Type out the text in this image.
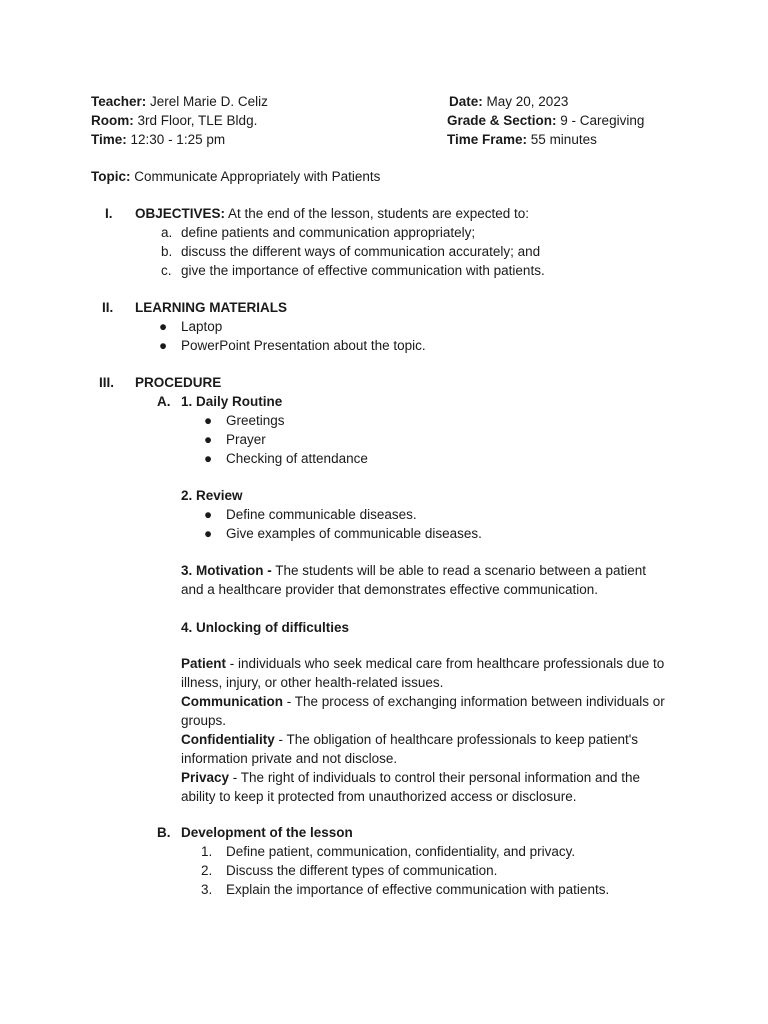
Teacher: Jerel Marie D. Celiz
Room: 3rd Floor, TLE Bldg.
Time: 12:30 - 1:25 pm
Date: May 20, 2023
Grade & Section: 9 - Caregiving
Time Frame: 55 minutes
Topic: Communicate Appropriately with Patients
I. OBJECTIVES: At the end of the lesson, students are expected to:
a. define patients and communication appropriately;
b. discuss the different ways of communication accurately; and
c. give the importance of effective communication with patients.
II. LEARNING MATERIALS
● Laptop
● PowerPoint Presentation about the topic.
III. PROCEDURE
A. 1. Daily Routine
● Greetings
● Prayer
● Checking of attendance
2. Review
● Define communicable diseases.
● Give examples of communicable diseases.
3. Motivation - The students will be able to read a scenario between a patient and a healthcare provider that demonstrates effective communication.
4. Unlocking of difficulties
Patient - individuals who seek medical care from healthcare professionals due to illness, injury, or other health-related issues.
Communication - The process of exchanging information between individuals or groups.
Confidentiality - The obligation of healthcare professionals to keep patient's information private and not disclose.
Privacy - The right of individuals to control their personal information and the ability to keep it protected from unauthorized access or disclosure.
B. Development of the lesson
1. Define patient, communication, confidentiality, and privacy.
2. Discuss the different types of communication.
3. Explain the importance of effective communication with patients.
